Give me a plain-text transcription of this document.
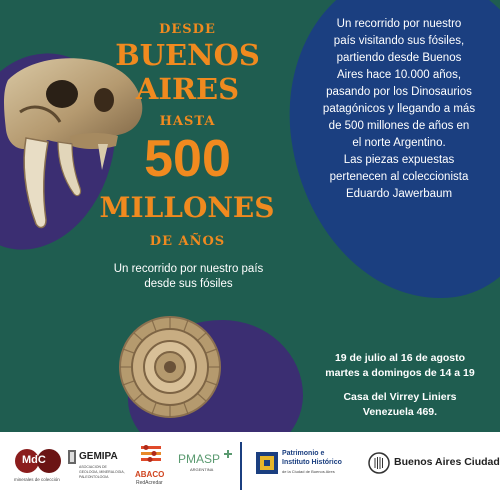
DESDE
BUENOS
AIRES
HASTA
500
MILLONES
DE AÑOS
Un recorrido por nuestro país
desde sus fósiles
Un recorrido por nuestro
país visitando sus fósiles,
partiendo desde Buenos
Aires hace 10.000 años,
pasando por los Dinosaurios
patagónicos y llegando a más
de 500 millones de años en
el norte Argentino.
Las piezas expuestas
pertenecen al coleccionista
Eduardo Jawerbaum
19 de julio al 16 de agosto
martes a domingos de 14 a 19
Casa del Virrey Liniers
Venezuela 469.
MdC
minerales de colección
GEMIPA
ASOCIACION DE GEOLOGIA, MINERALOGIA, PALEONTOLOGIA	ABACO
RedAcredar
PMASP
ARGENTINA
Patrimonio e
Instituto Histórico
de la Ciudad de Buenos Aires
Buenos Aires Ciudad
